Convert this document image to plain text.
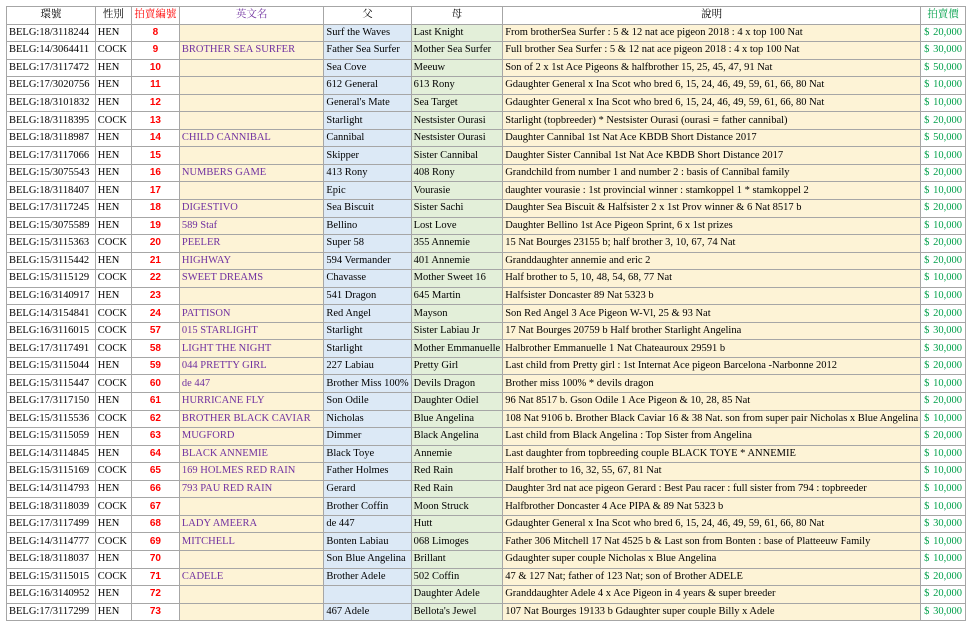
環號	性別	拍賣編號	英文名	父	母	說明	拍賣價
BELG:18/3118244	HEN	8		Surf the Waves	Last Knight	From brotherSea Surfer : 5 & 12 nat ace pigeon 2018 : 4 x top 100 Nat	$ 20,000

BELG:14/3064411	COCK	9	BROTHER SEA SURFER	Father Sea Surfer	Mother Sea Surfer	Full brother Sea Surfer : 5 & 12 nat ace pigeon 2018 : 4 x top 100 Nat	$ 30,000

BELG:17/3117472	HEN	10		Sea Cove	Meeuw	Son of 2 x 1st Ace Pigeons & halfbrother 15, 25, 45, 47, 91 Nat	$ 50,000

BELG:17/3020756	HEN	11		612 General	613 Rony	Gdaughter General x Ina Scot who bred 6, 15, 24, 46, 49, 59, 61, 66, 80 Nat	$ 10,000

BELG:18/3101832	HEN	12		General's Mate	Sea Target	Gdaughter General x Ina Scot who bred 6, 15, 24, 46, 49, 59, 61, 66, 80 Nat	$ 10,000

BELG:18/3118395	COCK	13		Starlight	Nestsister Ourasi	Starlight (topbreeder) * Nestsister Ourasi (ourasi = father cannibal)	$ 20,000

BELG:18/3118987	HEN	14	CHILD CANNIBAL	Cannibal	Nestsister Ourasi	Daughter Cannibal 1st Nat Ace KBDB Short Distance 2017	$ 50,000

BELG:17/3117066	HEN	15		Skipper	Sister Cannibal	Daughter Sister Cannibal 1st Nat Ace KBDB Short Distance 2017	$ 10,000

BELG:15/3075543	HEN	16	NUMBERS GAME	413 Rony	408 Rony	Grandchild from number 1 and number 2 : basis of Cannibal family	$ 20,000

BELG:18/3118407	HEN	17		Epic	Vourasie	daughter vourasie : 1st provincial winner : stamkoppel 1 * stamkoppel 2	$ 10,000

BELG:17/3117245	HEN	18	DIGESTIVO	Sea Biscuit	Sister Sachi	Daughter Sea Biscuit & Halfsister 2 x 1st Prov winner & 6 Nat 8517 b	$ 20,000

BELG:15/3075589	HEN	19	589 Staf	Bellino	Lost Love	Daughter Bellino 1st Ace Pigeon Sprint, 6 x 1st prizes	$ 10,000

BELG:15/3115363	COCK	20	PEELER	Super 58	355 Annemie	15 Nat Bourges 23155 b; half brother 3, 10, 67, 74 Nat	$ 20,000

BELG:15/3115442	HEN	21	HIGHWAY	594 Vermander	401 Annemie	Granddaughter annemie and eric 2	$ 20,000

BELG:15/3115129	COCK	22	SWEET DREAMS	Chavasse	Mother Sweet 16	Half brother to 5, 10, 48, 54, 68, 77 Nat	$ 10,000

BELG:16/3140917	HEN	23		541 Dragon	645 Martin	Halfsister Doncaster 89 Nat 5323 b	$ 10,000

BELG:14/3154841	COCK	24	PATTISON	Red Angel	Mayson	Son Red Angel 3 Ace Pigeon W-Vl, 25 & 93 Nat	$ 20,000

BELG:16/3116015	COCK	57	015 STARLIGHT	Starlight	Sister Labiau Jr	17 Nat Bourges 20759 b Half brother Starlight Angelina	$ 30,000

BELG:17/3117491	COCK	58	LIGHT THE NIGHT	Starlight	Mother Emmanuelle	Halbrother Emmanuelle 1 Nat Chateauroux 29591 b	$ 30,000

BELG:15/3115044	HEN	59	044 PRETTY GIRL	227 Labiau	Pretty Girl	Last child from Pretty girl : 1st Internat Ace pigeon Barcelona -Narbonne 2012	$ 20,000

BELG:15/3115447	COCK	60	de 447	Brother Miss 100%	Devils Dragon	Brother miss 100% * devils dragon	$ 10,000

BELG:17/3117150	HEN	61	HURRICANE FLY	Son Odile	Daughter Odiel	96 Nat 8517 b. Gson Odile 1 Ace Pigeon & 10, 28, 85 Nat	$ 20,000

BELG:15/3115536	COCK	62	BROTHER BLACK CAVIAR	Nicholas	Blue Angelina	108 Nat 9106 b. Brother Black Caviar 16 & 38 Nat. son from super pair Nicholas x Blue Angelina	$ 10,000

BELG:15/3115059	HEN	63	MUGFORD	Dimmer	Black Angelina	Last child from Black Angelina : Top Sister from Angelina	$ 20,000

BELG:14/3114845	HEN	64	BLACK ANNEMIE	Black Toye	Annemie	Last daughter from topbreeding couple BLACK TOYE * ANNEMIE	$ 10,000

BELG:15/3115169	COCK	65	169 HOLMES RED RAIN	Father Holmes	Red Rain	Half brother to 16, 32, 55, 67, 81 Nat	$ 10,000

BELG:14/3114793	HEN	66	793 PAU RED RAIN	Gerard	Red Rain	Daughter 3rd nat ace pigeon Gerard : Best Pau racer : full sister from 794 : topbreeder	$ 10,000

BELG:18/3118039	COCK	67		Brother Coffin	Moon Struck	Halfbrother Doncaster 4 Ace PIPA & 89 Nat 5323 b	$ 10,000

BELG:17/3117499	HEN	68	LADY AMEERA	de 447	Hutt	Gdaughter General x Ina Scot who bred 6, 15, 24, 46, 49, 59, 61, 66, 80 Nat	$ 30,000

BELG:14/3114777	COCK	69	MITCHELL	Bonten Labiau	068 Limoges	Father 306 Mitchell 17 Nat 4525 b & Last son from Bonten : base of Platteeuw Family	$ 10,000

BELG:18/3118037	HEN	70		Son Blue Angelina	Brillant	Gdaughter super couple Nicholas x Blue Angelina	$ 10,000

BELG:15/3115015	COCK	71	CADELE	Brother Adele	502 Coffin	47 & 127 Nat; father of 123 Nat; son of Brother ADELE	$ 20,000

BELG:16/3140952	HEN	72			Daughter Adele	Granddaughter Adele 4 x Ace Pigeon in 4 years & super breeder	$ 20,000

BELG:17/3117299	HEN	73		467 Adele	Bellota's Jewel	107 Nat Bourges 19133 b Gdaughter super couple Billy x Adele	$ 30,000
